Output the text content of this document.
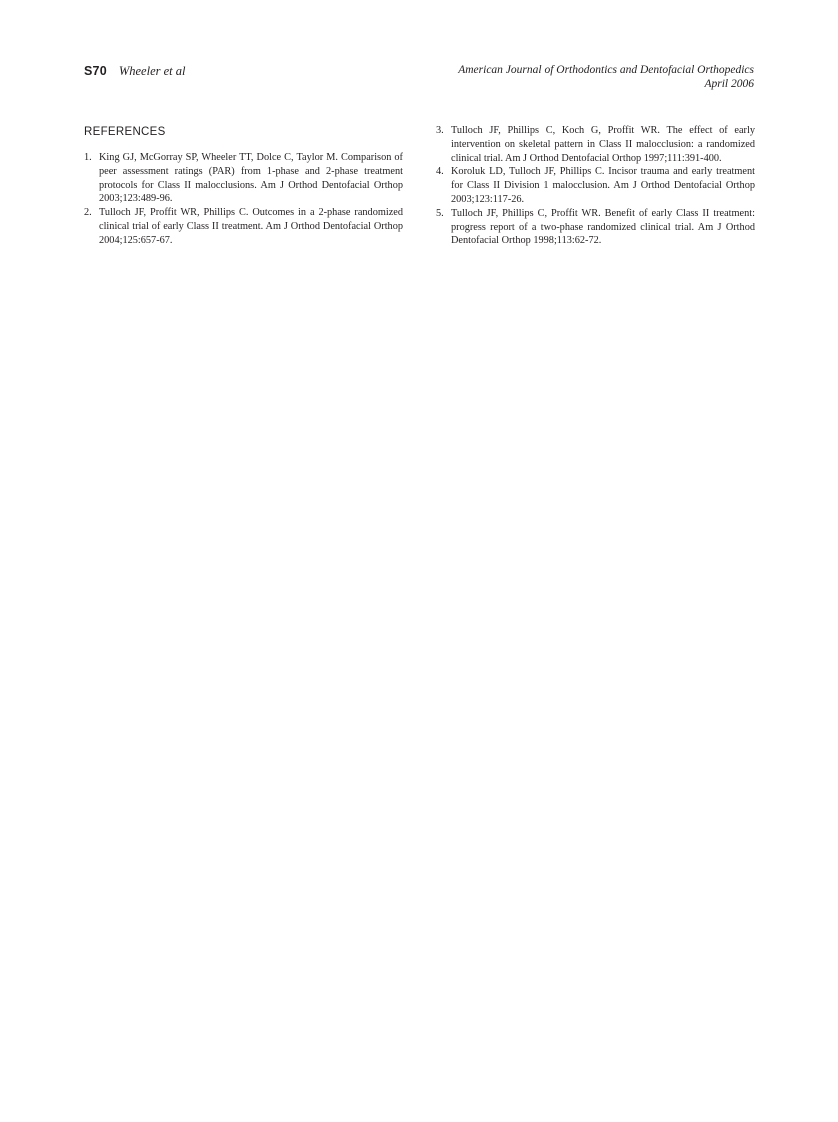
S70 Wheeler et al	American Journal of Orthodontics and Dentofacial Orthopedics
April 2006
REFERENCES
1. King GJ, McGorray SP, Wheeler TT, Dolce C, Taylor M. Comparison of peer assessment ratings (PAR) from 1-phase and 2-phase treatment protocols for Class II malocclusions. Am J Orthod Dentofacial Orthop 2003;123:489-96.
2. Tulloch JF, Proffit WR, Phillips C. Outcomes in a 2-phase randomized clinical trial of early Class II treatment. Am J Orthod Dentofacial Orthop 2004;125:657-67.
3. Tulloch JF, Phillips C, Koch G, Proffit WR. The effect of early intervention on skeletal pattern in Class II malocclusion: a randomized clinical trial. Am J Orthod Dentofacial Orthop 1997;111:391-400.
4. Koroluk LD, Tulloch JF, Phillips C. Incisor trauma and early treatment for Class II Division 1 malocclusion. Am J Orthod Dentofacial Orthop 2003;123:117-26.
5. Tulloch JF, Phillips C, Proffit WR. Benefit of early Class II treatment: progress report of a two-phase randomized clinical trial. Am J Orthod Dentofacial Orthop 1998;113:62-72.
